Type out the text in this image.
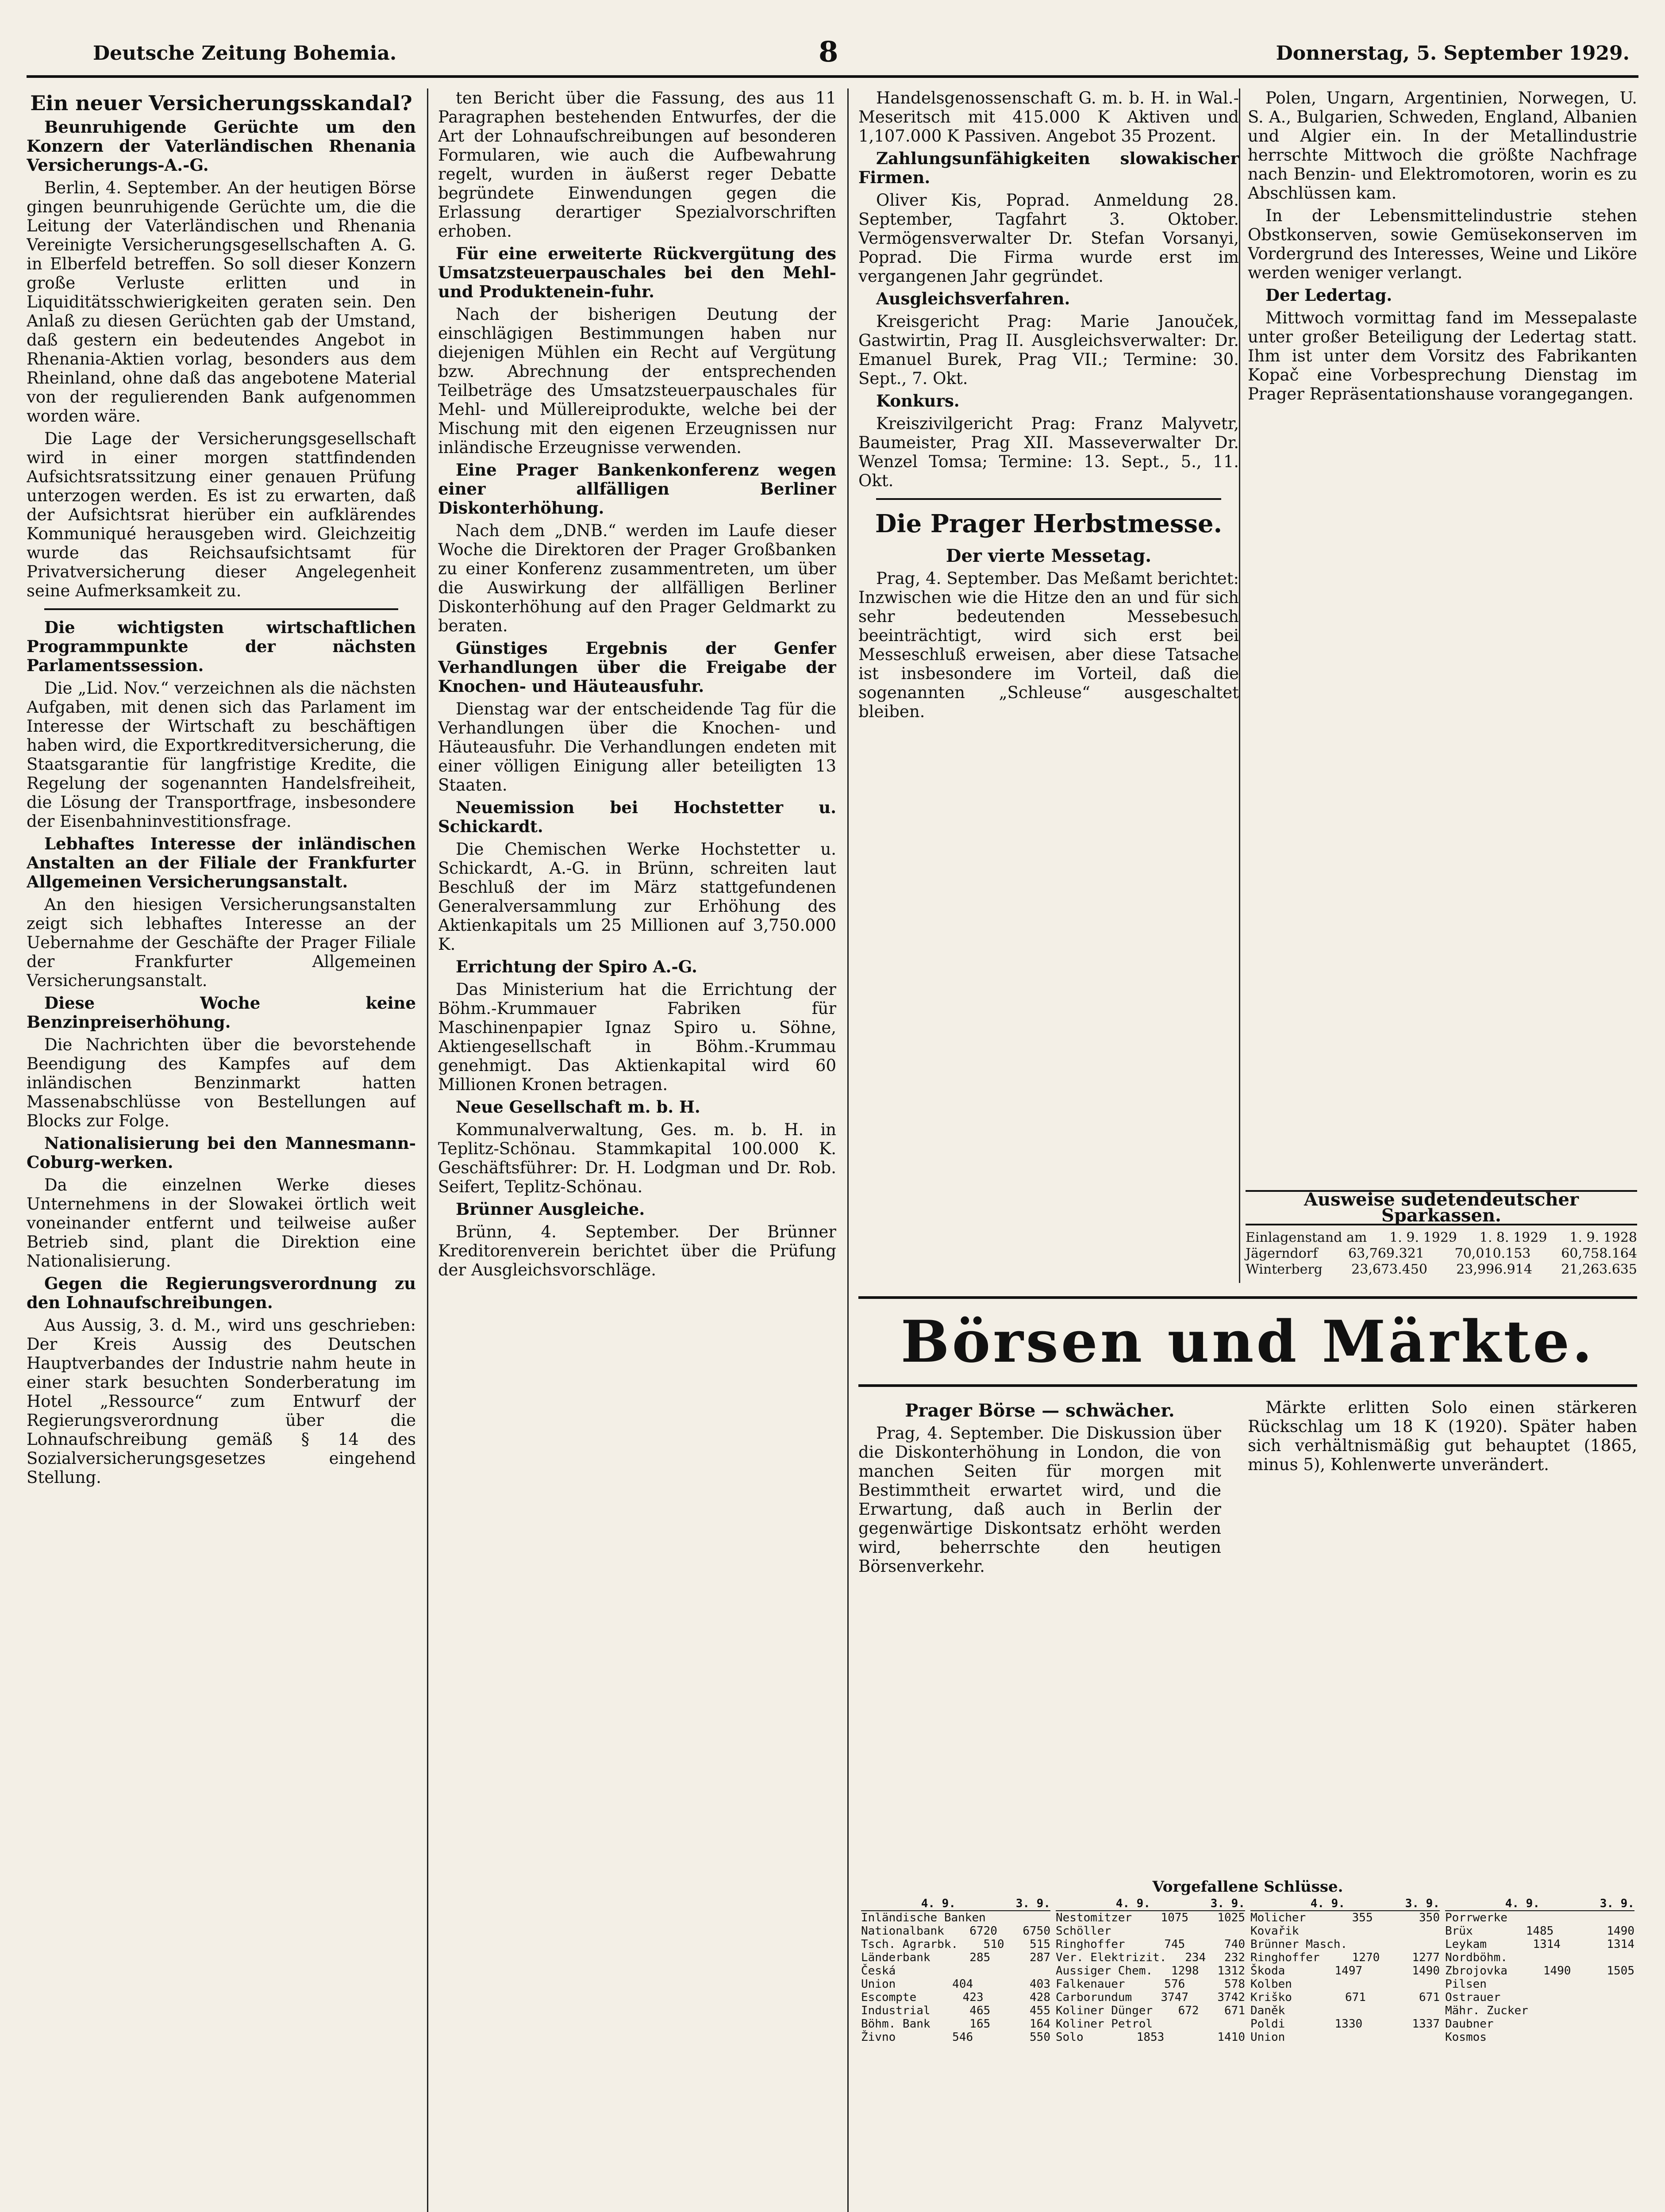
Deutsche Zeitung Bohemia.	8	Donnerstag, 5. September 1929.
Ein neuer Versicherungsskandal?

Beunruhigende Gerüchte um den Konzern der Vaterländischen Rhenania Versicherungs-A.-G.

Berlin, 4. September. An der heutigen Börse gingen beunruhigende Gerüchte um, die die Leitung der Vaterländischen und Rhenania Vereinigte Versicherungsgesellschaften A. G. in Elberfeld betreffen. So soll dieser Konzern große Verluste erlitten und in Liquiditätsschwierigkeiten geraten sein. Den Anlaß zu diesen Gerüchten gab der Umstand, daß gestern ein bedeutendes Angebot in Rhenania-Aktien vorlag, besonders aus dem Rheinland, ohne daß das angebotene Material von der regulierenden Bank aufgenommen worden wäre.

Die Lage der Versicherungsgesellschaft wird in einer morgen stattfindenden Aufsichtsratssitzung einer genauen Prüfung unterzogen werden. Es ist zu erwarten, daß der Aufsichtsrat hierüber ein aufklärendes Kommuniqué herausgeben wird. Gleichzeitig wurde das Reichsaufsichtsamt für Privatversicherung dieser Angelegenheit seine Aufmerksamkeit zu.

Die wichtigsten wirtschaftlichen Programmpunkte der nächsten Parlamentssession.

Die „Lid. Nov.“ verzeichnen als die nächsten Aufgaben, mit denen sich das Parlament im Interesse der Wirtschaft zu beschäftigen haben wird, die Exportkreditversicherung, die Staatsgarantie für langfristige Kredite, die Regelung der sogenannten Handelsfreiheit, die Lösung der Transportfrage, insbesondere der Eisenbahninvestitionsfrage.

Lebhaftes Interesse der inländischen Anstalten an der Filiale der Frankfurter Allgemeinen Versicherungsanstalt.

An den hiesigen Versicherungsanstalten zeigt sich lebhaftes Interesse an der Uebernahme der Geschäfte der Prager Filiale der Frankfurter Allgemeinen Versicherungsanstalt.

Diese Woche keine Benzinpreiserhöhung.

Die Nachrichten über die bevorstehende Beendigung des Kampfes auf dem inländischen Benzinmarkt hatten Massenabschlüsse von Bestellungen auf Blocks zur Folge.

Nationalisierung bei den Mannesmann-Coburg-werken.

Da die einzelnen Werke dieses Unternehmens in der Slowakei örtlich weit voneinander entfernt und teilweise außer Betrieb sind, plant die Direktion eine Nationalisierung.

Gegen die Regierungsverordnung zu den Lohnaufschreibungen.

Aus Aussig, 3. d. M., wird uns geschrieben: Der Kreis Aussig des Deutschen Hauptverbandes der Industrie nahm heute in einer stark besuchten Sonderberatung im Hotel „Ressource“ zum Entwurf der Regierungsverordnung über die Lohnaufschreibung gemäß § 14 des Sozialversicherungsgesetzes eingehend Stellung.

ten Bericht über die Fassung, des aus 11 Paragraphen bestehenden Entwurfes, der die Art der Lohnaufschreibungen auf besonderen Formularen, wie auch die Aufbewahrung regelt, wurden in äußerst reger Debatte begründete Einwendungen gegen die Erlassung derartiger Spezialvorschriften erhoben.

Für eine erweiterte Rückvergütung des Umsatzsteuerpauschales bei den Mehl- und Produktenein-fuhr.

Nach der bisherigen Deutung der einschlägigen Bestimmungen haben nur diejenigen Mühlen ein Recht auf Vergütung bzw. Abrechnung der entsprechenden Teilbeträge des Umsatzsteuerpauschales für Mehl- und Müllereiprodukte, welche bei der Mischung mit den eigenen Erzeugnissen nur inländische Erzeugnisse verwenden.

Eine Prager Bankenkonferenz wegen einer allfälligen Berliner Diskonterhöhung.

Nach dem „DNB.“ werden im Laufe dieser Woche die Direktoren der Prager Großbanken zu einer Konferenz zusammentreten, um über die Auswirkung der allfälligen Berliner Diskonterhöhung auf den Prager Geldmarkt zu beraten.

Günstiges Ergebnis der Genfer Verhandlungen über die Freigabe der Knochen- und Häuteausfuhr.

Dienstag war der entscheidende Tag für die Verhandlungen über die Knochen- und Häuteausfuhr. Die Verhandlungen endeten mit einer völligen Einigung aller beteiligten 13 Staaten.

Neuemission bei Hochstetter u. Schickardt.

Die Chemischen Werke Hochstetter u. Schickardt, A.-G. in Brünn, schreiten laut Beschluß der im März stattgefundenen Generalversammlung zur Erhöhung des Aktienkapitals um 25 Millionen auf 3,750.000 K.

Errichtung der Spiro A.-G.

Das Ministerium hat die Errichtung der Böhm.-Krummauer Fabriken für Maschinenpapier Ignaz Spiro u. Söhne, Aktiengesellschaft in Böhm.-Krummau genehmigt. Das Aktienkapital wird 60 Millionen Kronen betragen.

Neue Gesellschaft m. b. H.

Kommunalverwaltung, Ges. m. b. H. in Teplitz-Schönau. Stammkapital 100.000 K. Geschäftsführer: Dr. H. Lodgman und Dr. Rob. Seifert, Teplitz-Schönau.

Brünner Ausgleiche.

Brünn, 4. September. Der Brünner Kreditorenverein berichtet über die Prüfung der Ausgleichsvorschläge.

Handelsgenossenschaft G. m. b. H. in Wal.-Meseritsch mit 415.000 K Aktiven und 1,107.000 K Passiven. Angebot 35 Prozent.

Zahlungsunfähigkeiten slowakischer Firmen.

Oliver Kis, Poprad. Anmeldung 28. September, Tagfahrt 3. Oktober. Vermögensverwalter Dr. Stefan Vorsanyi, Poprad. Die Firma wurde erst im vergangenen Jahr gegründet.

Ausgleichsverfahren.

Kreisgericht Prag: Marie Janouček, Gastwirtin, Prag II. Ausgleichsverwalter: Dr. Emanuel Burek, Prag VII.; Termine: 30. Sept., 7. Okt.

Konkurs.

Kreiszivilgericht Prag: Franz Malyvetr, Baumeister, Prag XII. Masseverwalter Dr. Wenzel Tomsa; Termine: 13. Sept., 5., 11. Okt.

Die Prager Herbstmesse.
Der vierte Messetag.

Prag, 4. September. Das Meßamt berichtet: Inzwischen wie die Hitze den an und für sich sehr bedeutenden Messebesuch beeinträchtigt, wird sich erst bei Messeschluß erweisen, aber diese Tatsache ist insbesondere im Vorteil, daß die sogenannten „Schleuse“ ausgeschaltet bleiben.

Polen, Ungarn, Argentinien, Norwegen, U. S. A., Bulgarien, Schweden, England, Albanien und Algier ein. In der Metallindustrie herrschte Mittwoch die größte Nachfrage nach Benzin- und Elektromotoren, worin es zu Abschlüssen kam.

In der Lebensmittelindustrie stehen Obstkonserven, sowie Gemüsekonserven im Vordergrund des Interesses, Weine und Liköre werden weniger verlangt.

Der Ledertag.

Mittwoch vormittag fand im Messepalaste unter großer Beteiligung der Ledertag statt. Ihm ist unter dem Vorsitz des Fabrikanten Kopač eine Vorbesprechung Dienstag im Prager Repräsentationshause vorangegangen.

Ausweise sudetendeutscher Sparkassen.
Einlagenstand am 1. 9. 1929 1. 8. 1929 1. 9. 1928
Jägerndorf 63,769.321 70,010.153 60,758.164
Winterberg 23,673.450 23,996.914 21,263.635
Börsen und Märkte.
Prager Börse — schwächer.

Prag, 4. September. Die Diskussion über die Diskonterhöhung in London, die von manchen Seiten für morgen mit Bestimmtheit erwartet wird, und die Erwartung, daß auch in Berlin der gegenwärtige Diskontsatz erhöht werden wird, beherrschte den heutigen Börsenverkehr.

Märkte erlitten Solo einen stärkeren Rückschlag um 18 K (1920). Später haben sich verhältnismäßig gut behauptet (1865, minus 5), Kohlenwerte unverändert.

Vorgefallene Schlüsse.
4. 9.	3. 9.
Inländische Banken
Nationalbank 6720 6750
Tsch. Agrarbk. 510 515
Länderbank	285	287
Česká
Union	404	403
Escompte	423	428
Industrial	465	455
Böhm. Bank	165	164
Živno	546	550
4. 9.	3. 9.
Nestomitzer	1075	1025
Schöller
Ringhoffer	745	740
Ver. Elektrizit. 234 232
Aussiger Chem. 1298 1312
Falkenauer	576	578
Carborundum	3747	3742
Koliner Dünger 672 671
Koliner Petrol
Solo	1853	1410
4. 9.	3. 9.
Molicher	355	350
Kovařik
Brünner Masch.
Ringhoffer	1270	1277
Škoda	1497	1490
Kolben
Kriško	671	671
Daněk
Poldi	1330	1337
Union
4. 9.	3. 9.
Porrwerke
Brüx	1485	1490
Leykam	1314	1314
Nordböhm.
Zbrojovka	1490	1505
Pilsen
Ostrauer
Mähr. Zucker
Daubner
Kosmos
